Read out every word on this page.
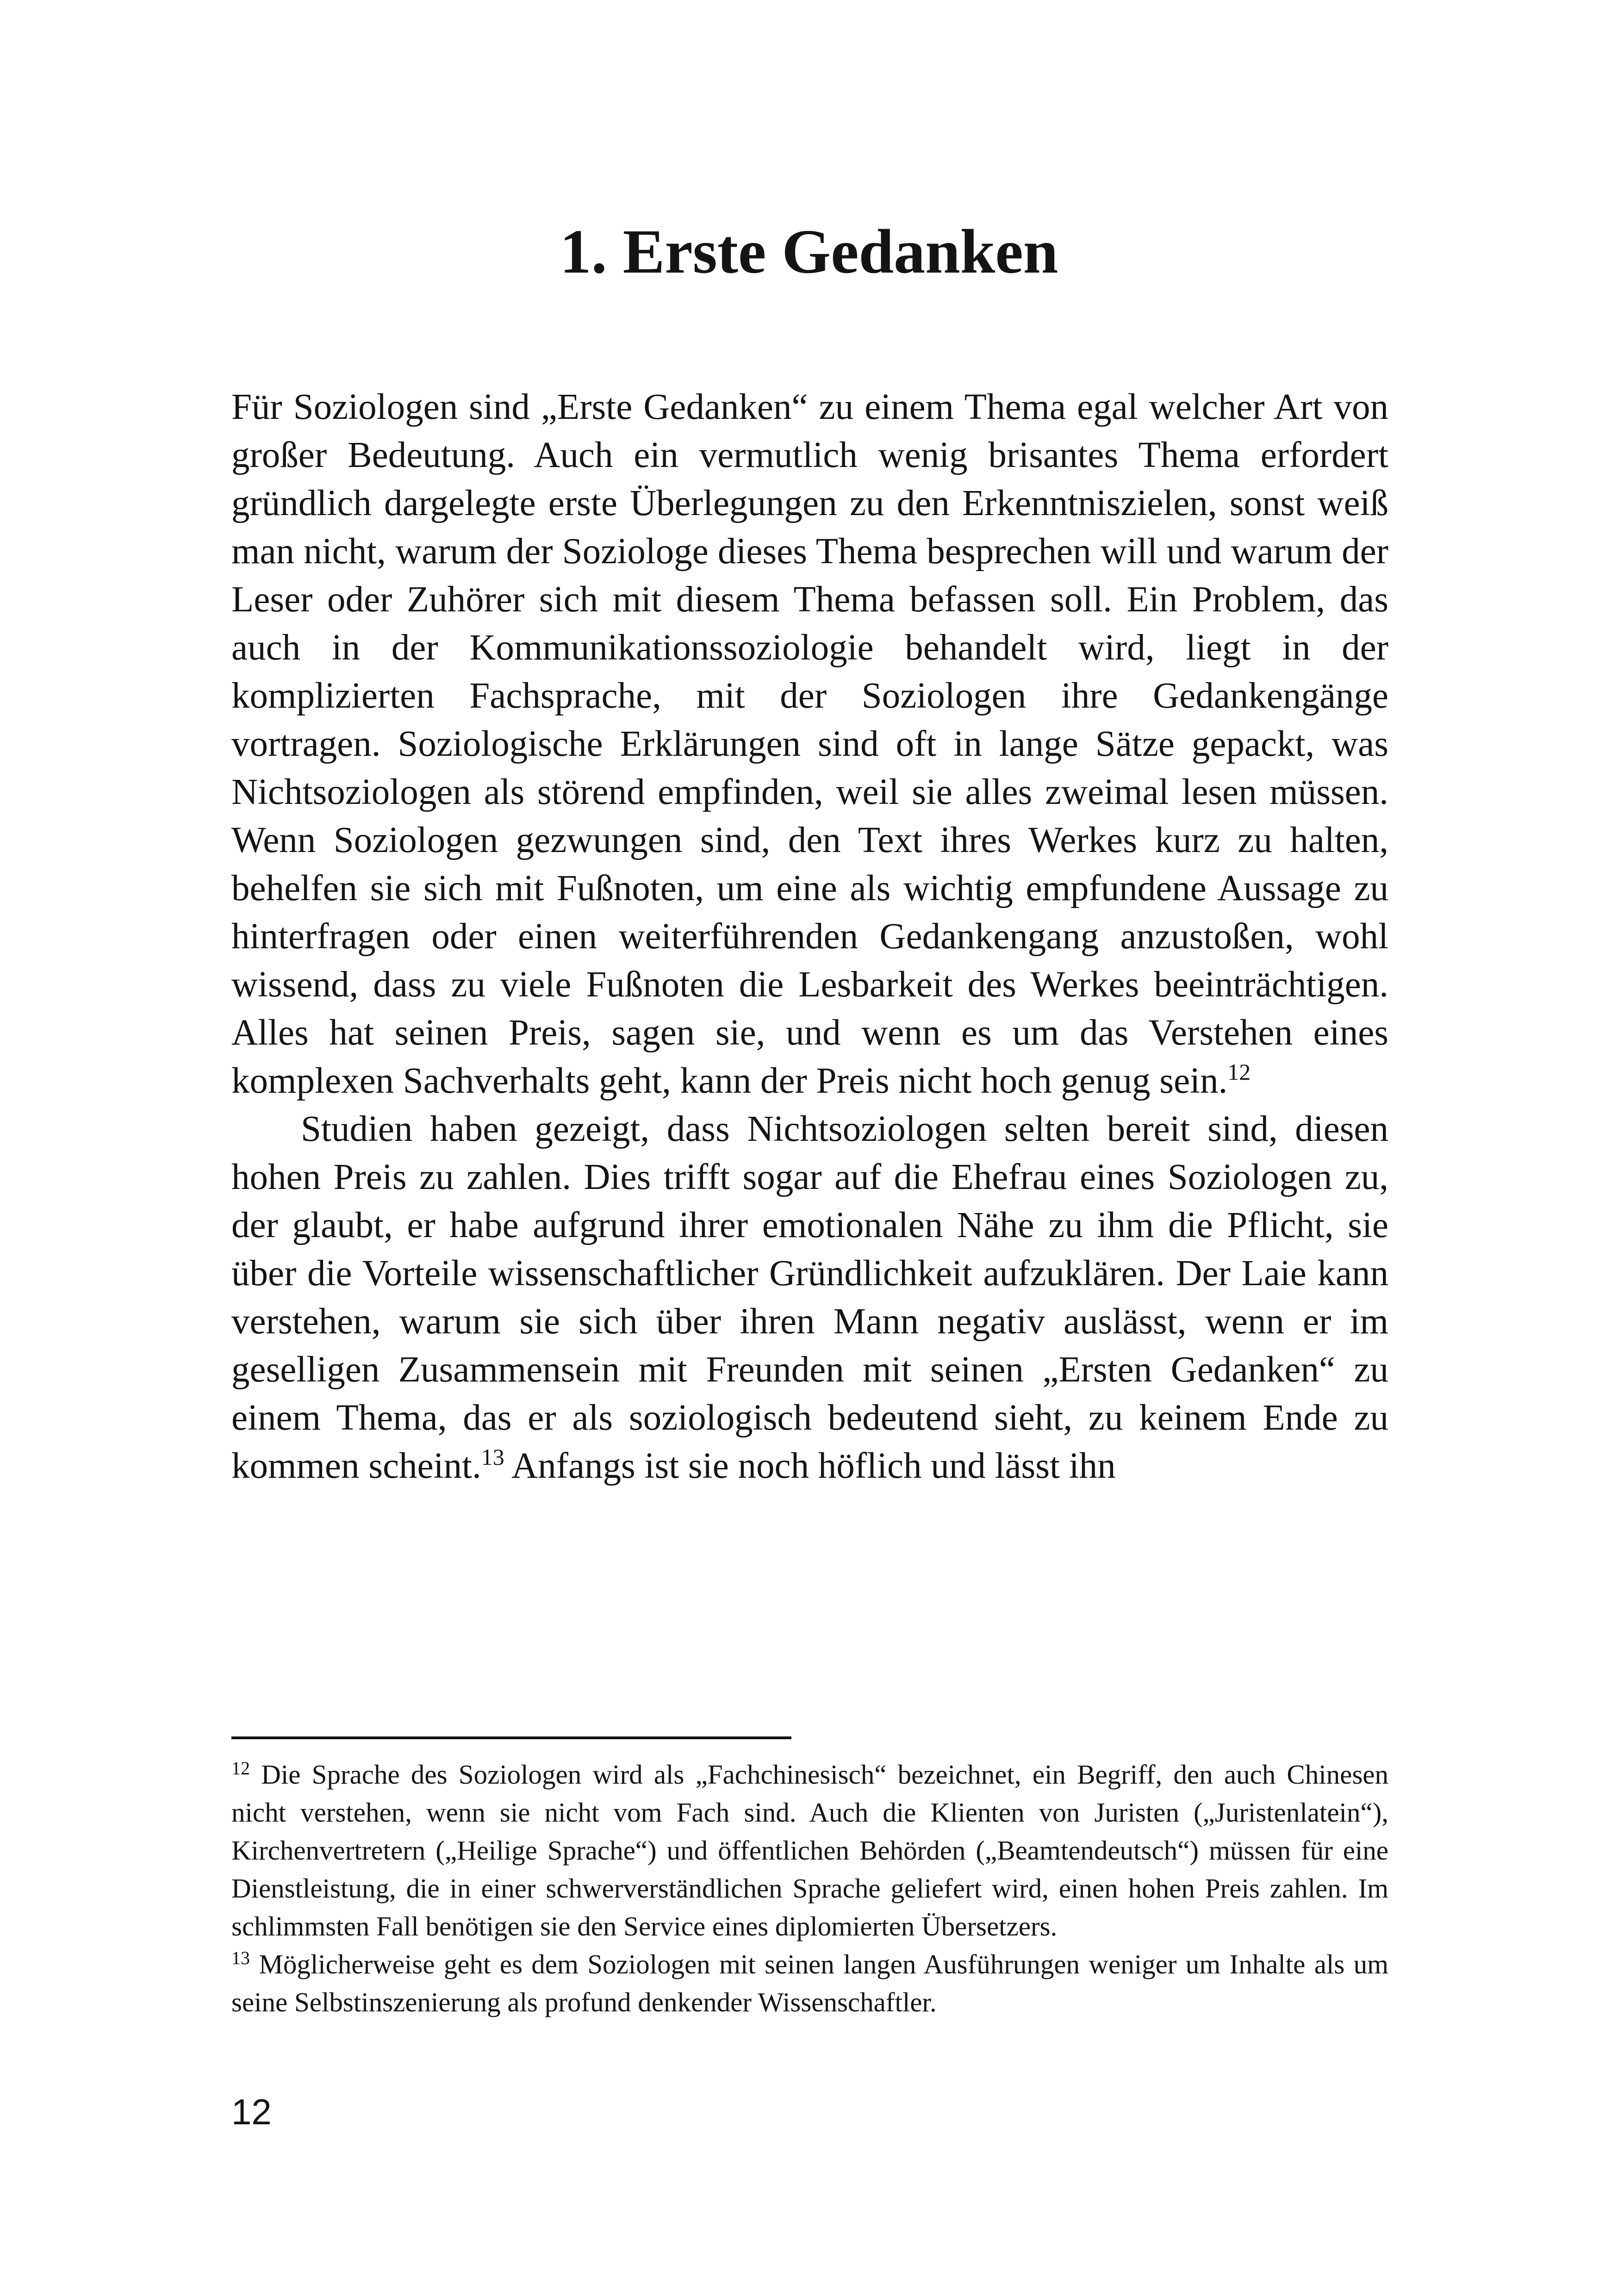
1. Erste Gedanken

Für Soziologen sind „Erste Gedanken“ zu einem Thema egal welcher Art von großer Bedeutung. Auch ein vermutlich wenig brisantes Thema erfordert gründlich dargelegte erste Überlegungen zu den Erkenntniszielen, sonst weiß man nicht, warum der Soziologe dieses Thema besprechen will und warum der Leser oder Zuhörer sich mit diesem Thema befassen soll. Ein Problem, das auch in der Kommunikationssoziologie behandelt wird, liegt in der komplizierten Fachsprache, mit der Soziologen ihre Gedankengänge vortragen. Soziologische Erklärungen sind oft in lange Sätze gepackt, was Nichtsoziologen als störend empfinden, weil sie alles zweimal lesen müssen. Wenn Soziologen gezwungen sind, den Text ihres Werkes kurz zu halten, behelfen sie sich mit Fußnoten, um eine als wichtig empfundene Aussage zu hinterfragen oder einen weiterführenden Gedankengang anzustoßen, wohl wissend, dass zu viele Fußnoten die Lesbarkeit des Werkes beeinträchtigen. Alles hat seinen Preis, sagen sie, und wenn es um das Verstehen eines komplexen Sachverhalts geht, kann der Preis nicht hoch genug sein.$^{12}$

Studien haben gezeigt, dass Nichtsoziologen selten bereit sind, diesen hohen Preis zu zahlen. Dies trifft sogar auf die Ehefrau eines Soziologen zu, der glaubt, er habe aufgrund ihrer emotionalen Nähe zu ihm die Pflicht, sie über die Vorteile wissenschaftlicher Gründlichkeit aufzuklären. Der Laie kann verstehen, warum sie sich über ihren Mann negativ auslässt, wenn er im geselligen Zusammensein mit Freunden mit seinen „Ersten Gedanken“ zu einem Thema, das er als soziologisch bedeutend sieht, zu keinem Ende zu kommen scheint.$^{13}$ Anfangs ist sie noch höflich und lässt ihn

$^{12}$ Die Sprache des Soziologen wird als „Fachchinesisch“ bezeichnet, ein Begriff, den auch Chinesen nicht verstehen, wenn sie nicht vom Fach sind. Auch die Klienten von Juristen („Juristenlatein“), Kirchenvertretern („Heilige Sprache“) und öffentlichen Behörden („Beamtendeutsch“) müssen für eine Dienstleistung, die in einer schwerverständlichen Sprache geliefert wird, einen hohen Preis zahlen. Im schlimmsten Fall benötigen sie den Service eines diplomierten Übersetzers.

$^{13}$ Möglicherweise geht es dem Soziologen mit seinen langen Ausführungen weniger um Inhalte als um seine Selbstinszenierung als profund denkender Wissenschaftler.

12
